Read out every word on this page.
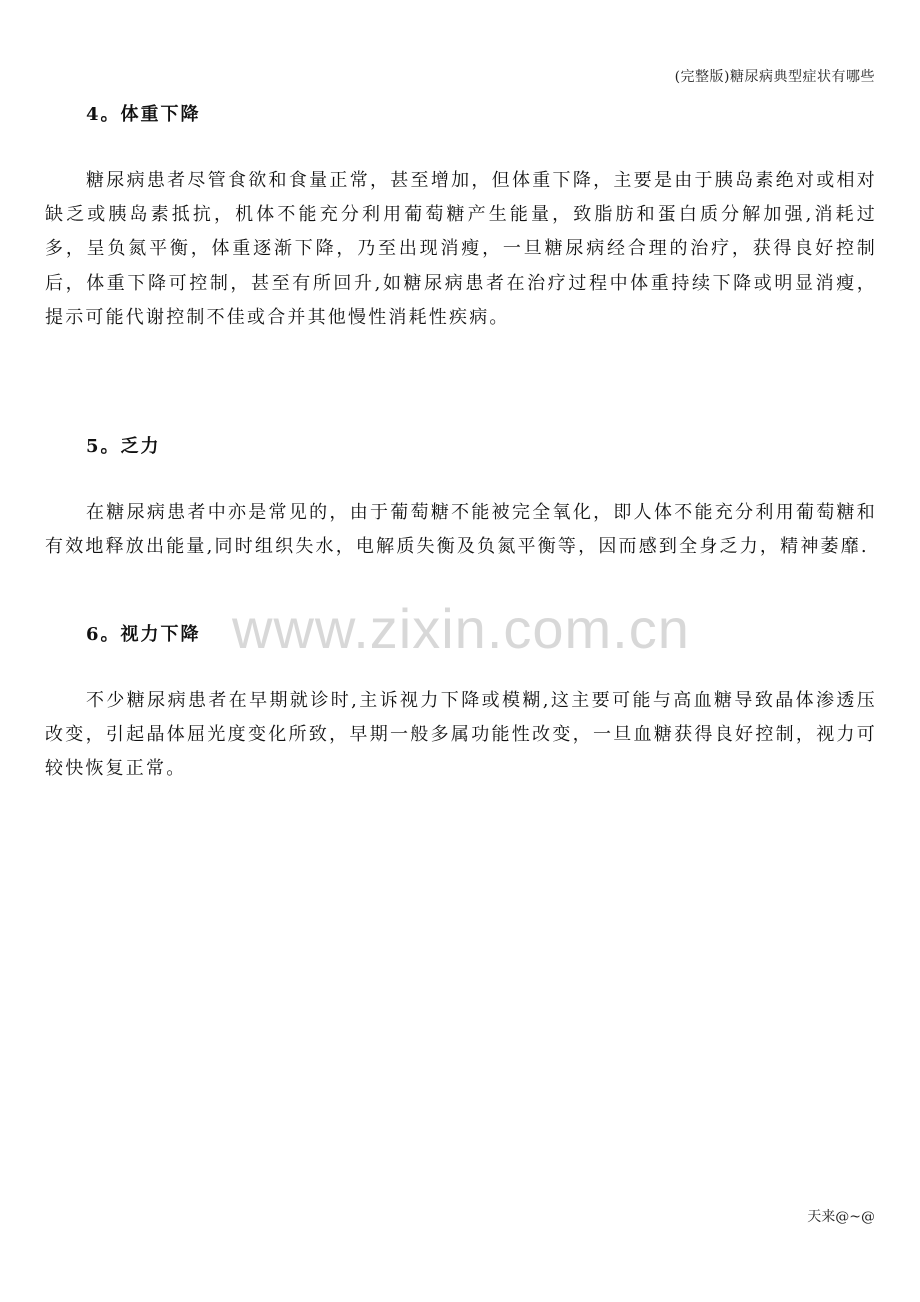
(完整版)糖尿病典型症状有哪些
www.zixin.com.cn
4。体重下降
糖尿病患者尽管食欲和食量正常，甚至增加，但体重下降，主要是由于胰岛素绝对或相对缺乏或胰岛素抵抗，机体不能充分利用葡萄糖产生能量，致脂肪和蛋白质分解加强,消耗过多，呈负氮平衡，体重逐渐下降，乃至出现消瘦，一旦糖尿病经合理的治疗，获得良好控制后，体重下降可控制，甚至有所回升,如糖尿病患者在治疗过程中体重持续下降或明显消瘦，提示可能代谢控制不佳或合并其他慢性消耗性疾病。
5。乏力
在糖尿病患者中亦是常见的，由于葡萄糖不能被完全氧化，即人体不能充分利用葡萄糖和有效地释放出能量,同时组织失水，电解质失衡及负氮平衡等，因而感到全身乏力，精神萎靡.
6。视力下降
不少糖尿病患者在早期就诊时,主诉视力下降或模糊,这主要可能与高血糖导致晶体渗透压改变，引起晶体屈光度变化所致，早期一般多属功能性改变，一旦血糖获得良好控制，视力可较快恢复正常。
天来@~@
